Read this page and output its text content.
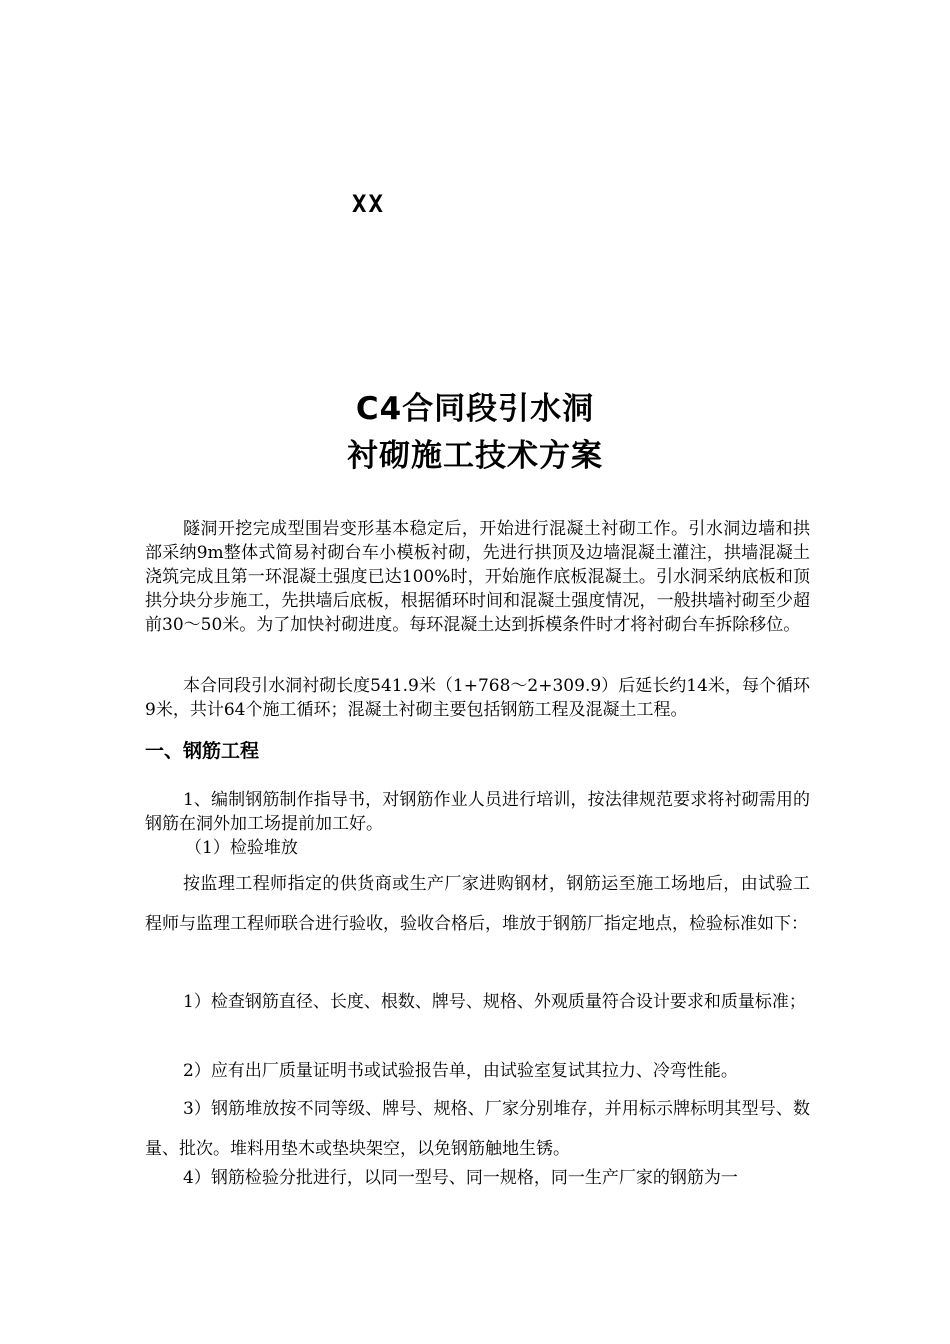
XX
C4合同段引水洞
衬砌施工技术方案

隧洞开挖完成型围岩变形基本稳定后，开始进行混凝土衬砌工作。引水洞边墙和拱部采纳9m整体式简易衬砌台车小模板衬砌，先进行拱顶及边墙混凝土灌注，拱墙混凝土浇筑完成且第一环混凝土强度已达100%时，开始施作底板混凝土。引水洞采纳底板和顶拱分块分步施工，先拱墙后底板，根据循环时间和混凝土强度情况，一般拱墙衬砌至少超前30～50米。为了加快衬砌进度。每环混凝土达到拆模条件时才将衬砌台车拆除移位。

本合同段引水洞衬砌长度541.9米（1+768～2+309.9）后延长约14米，每个循环9米，共计64个施工循环；混凝土衬砌主要包括钢筋工程及混凝土工程。

一、钢筋工程

1、编制钢筋制作指导书，对钢筋作业人员进行培训，按法律规范要求将衬砌需用的钢筋在洞外加工场提前加工好。

（1）检验堆放

按监理工程师指定的供货商或生产厂家进购钢材，钢筋运至施工场地后，由试验工程师与监理工程师联合进行验收，验收合格后，堆放于钢筋厂指定地点，检验标准如下：

1）检查钢筋直径、长度、根数、牌号、规格、外观质量符合设计要求和质量标准；

2）应有出厂质量证明书或试验报告单，由试验室复试其拉力、冷弯性能。

3）钢筋堆放按不同等级、牌号、规格、厂家分别堆存，并用标示牌标明其型号、数量、批次。堆料用垫木或垫块架空，以免钢筋触地生锈。

4）钢筋检验分批进行，以同一型号、同一规格，同一生产厂家的钢筋为一
